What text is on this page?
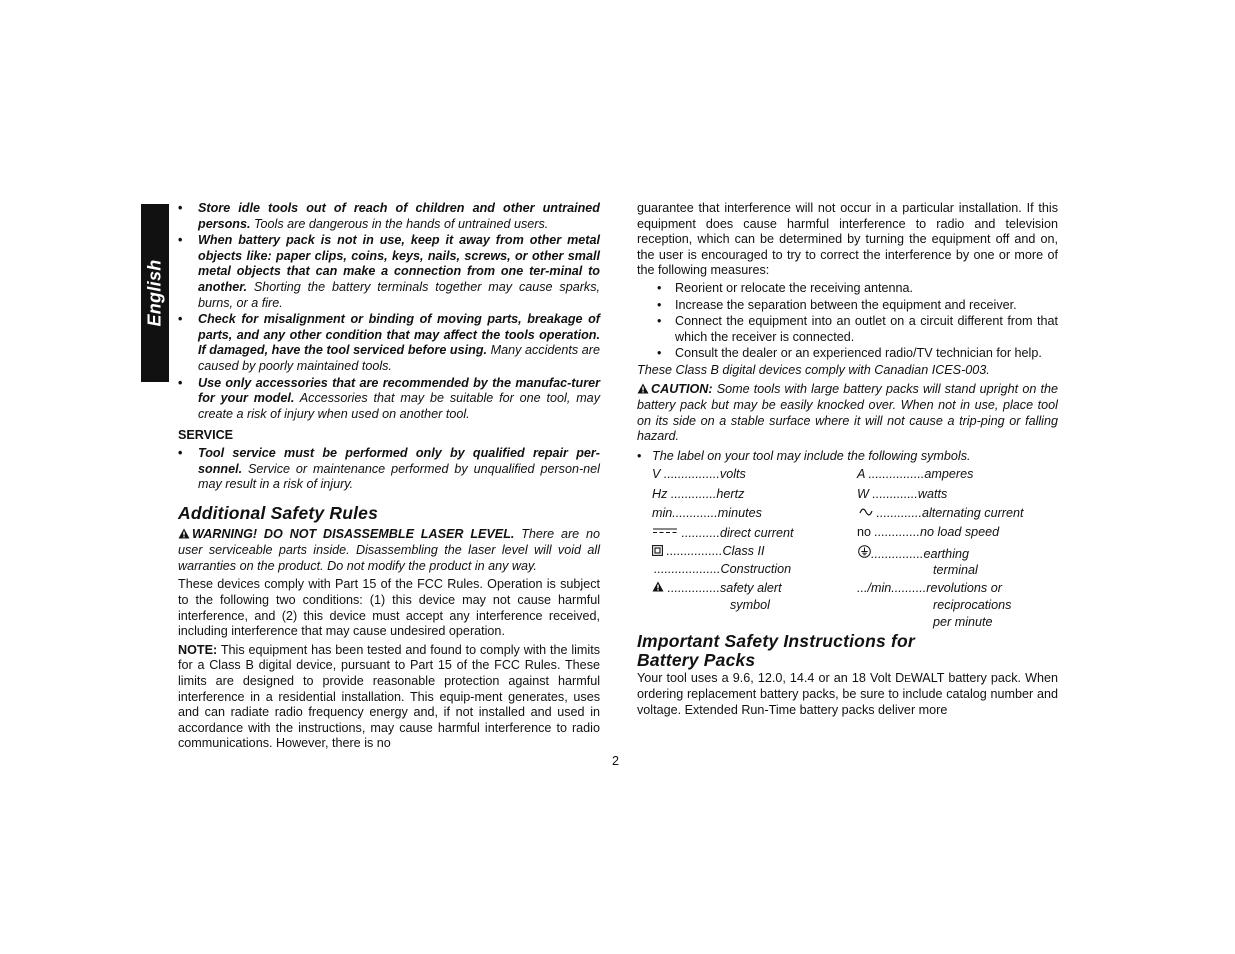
English
• Store idle tools out of reach of children and other untrained persons. Tools are dangerous in the hands of untrained users.
• When battery pack is not in use, keep it away from other metal objects like: paper clips, coins, keys, nails, screws, or other small metal objects that can make a connection from one ter-minal to another. Shorting the battery terminals together may cause sparks, burns, or a fire.
• Check for misalignment or binding of moving parts, breakage of parts, and any other condition that may affect the tools operation. If damaged, have the tool serviced before using. Many accidents are caused by poorly maintained tools.
• Use only accessories that are recommended by the manufac-turer for your model. Accessories that may be suitable for one tool, may create a risk of injury when used on another tool.
SERVICE
• Tool service must be performed only by qualified repair per-sonnel. Service or maintenance performed by unqualified person-nel may result in a risk of injury.
Additional Safety Rules

WARNING! DO NOT DISASSEMBLE LASER LEVEL. There are no user serviceable parts inside. Disassembling the laser level will void all warranties on the product. Do not modify the product in any way.

These devices comply with Part 15 of the FCC Rules. Operation is subject to the following two conditions: (1) this device may not cause harmful interference, and (2) this device must accept any interference received, including interference that may cause undesired operation.

NOTE: This equipment has been tested and found to comply with the limits for a Class B digital device, pursuant to Part 15 of the FCC Rules. These limits are designed to provide reasonable protection against harmful interference in a residential installation. This equip-ment generates, uses and can radiate radio frequency energy and, if not installed and used in accordance with the instructions, may cause harmful interference to radio communications. However, there is no

guarantee that interference will not occur in a particular installation. If this equipment does cause harmful interference to radio and television reception, which can be determined by turning the equipment off and on, the user is encouraged to try to correct the interference by one or more of the following measures:

• Reorient or relocate the receiving antenna.
• Increase the separation between the equipment and receiver.
• Connect the equipment into an outlet on a circuit different from that which the receiver is connected.
• Consult the dealer or an experienced radio/TV technician for help.

These Class B digital devices comply with Canadian ICES-003.

CAUTION: Some tools with large battery packs will stand upright on the battery pack but may be easily knocked over. When not in use, place tool on its side on a stable surface where it will not cause a trip-ping or falling hazard.

• The label on your tool may include the following symbols.

V ................volts
Hz .............hertz
min.............minutes
...........direct current
................Class II
...................Construction
...............safety alert
symbol
A ................amperes
W .............watts
.............alternating current
no .............no load speed
...............earthing
terminal
.../min..........revolutions or
reciprocations
per minute
Important Safety Instructions for
Battery Packs

Your tool uses a 9.6, 12.0, 14.4 or an 18 Volt DEWALT battery pack. When ordering replacement battery packs, be sure to include catalog number and voltage. Extended Run-Time battery packs deliver more

2
